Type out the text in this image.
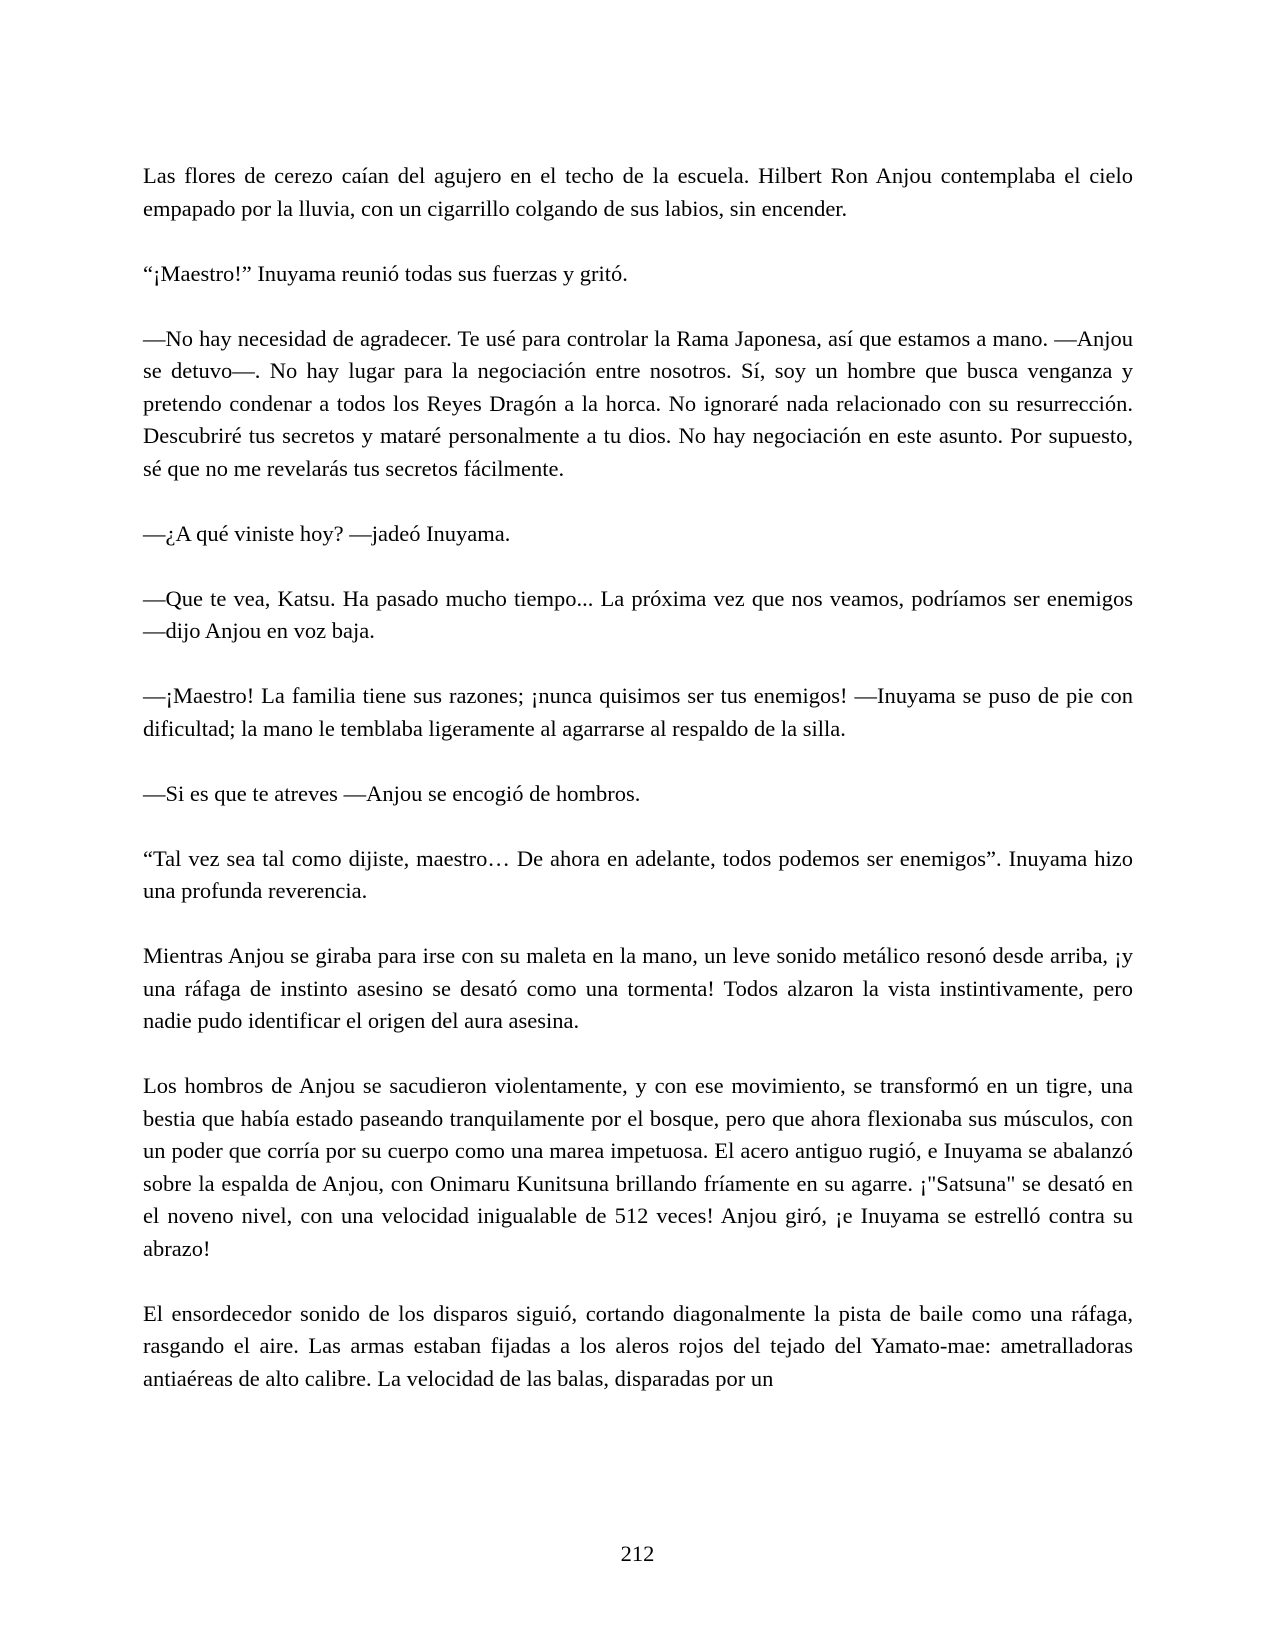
Las flores de cerezo caían del agujero en el techo de la escuela. Hilbert Ron Anjou contemplaba el cielo empapado por la lluvia, con un cigarrillo colgando de sus labios, sin encender.

“¡Maestro!” Inuyama reunió todas sus fuerzas y gritó.

—No hay necesidad de agradecer. Te usé para controlar la Rama Japonesa, así que estamos a mano. —Anjou se detuvo—. No hay lugar para la negociación entre nosotros. Sí, soy un hombre que busca venganza y pretendo condenar a todos los Reyes Dragón a la horca. No ignoraré nada relacionado con su resurrección. Descubriré tus secretos y mataré personalmente a tu dios. No hay negociación en este asunto. Por supuesto, sé que no me revelarás tus secretos fácilmente.

—¿A qué viniste hoy? —jadeó Inuyama.

—Que te vea, Katsu. Ha pasado mucho tiempo... La próxima vez que nos veamos, podríamos ser enemigos —dijo Anjou en voz baja.

—¡Maestro! La familia tiene sus razones; ¡nunca quisimos ser tus enemigos! —Inuyama se puso de pie con dificultad; la mano le temblaba ligeramente al agarrarse al respaldo de la silla.

—Si es que te atreves —Anjou se encogió de hombros.

“Tal vez sea tal como dijiste, maestro… De ahora en adelante, todos podemos ser enemigos”. Inuyama hizo una profunda reverencia.

Mientras Anjou se giraba para irse con su maleta en la mano, un leve sonido metálico resonó desde arriba, ¡y una ráfaga de instinto asesino se desató como una tormenta! Todos alzaron la vista instintivamente, pero nadie pudo identificar el origen del aura asesina.

Los hombros de Anjou se sacudieron violentamente, y con ese movimiento, se transformó en un tigre, una bestia que había estado paseando tranquilamente por el bosque, pero que ahora flexionaba sus músculos, con un poder que corría por su cuerpo como una marea impetuosa. El acero antiguo rugió, e Inuyama se abalanzó sobre la espalda de Anjou, con Onimaru Kunitsuna brillando fríamente en su agarre. ¡"Satsuna" se desató en el noveno nivel, con una velocidad inigualable de 512 veces! Anjou giró, ¡e Inuyama se estrelló contra su abrazo!

El ensordecedor sonido de los disparos siguió, cortando diagonalmente la pista de baile como una ráfaga, rasgando el aire. Las armas estaban fijadas a los aleros rojos del tejado del Yamato-mae: ametralladoras antiaéreas de alto calibre. La velocidad de las balas, disparadas por un

212
